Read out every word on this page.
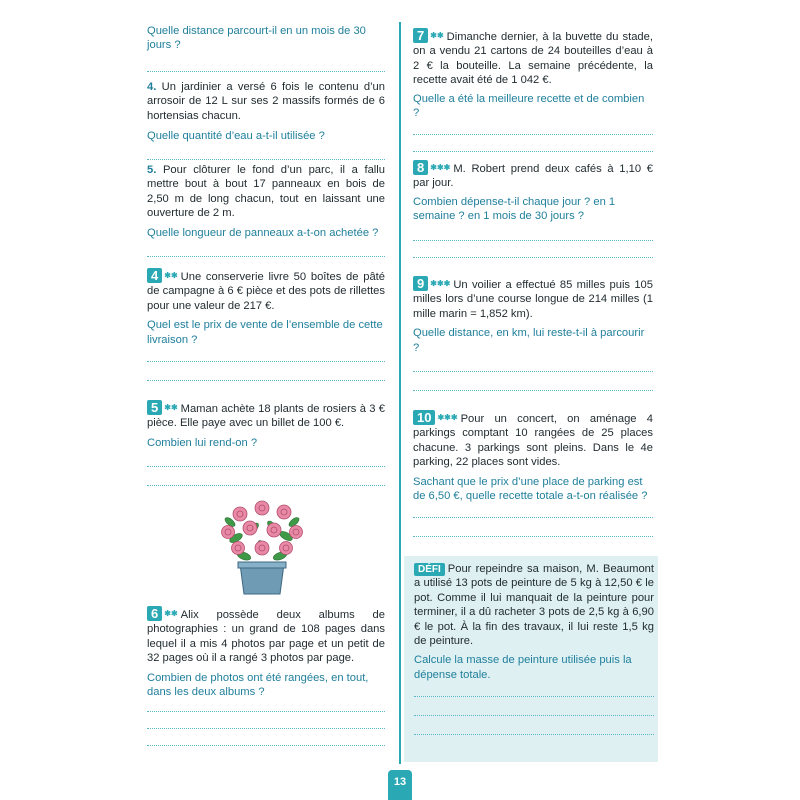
Quelle distance parcourt-il en un mois de 30 jours ?

4. Un jardinier a versé 6 fois le contenu d’un arrosoir de 12 L sur ses 2 massifs formés de 6 hortensias chacun.

Quelle quantité d’eau a-t-il utilisée ?

5. Pour clôturer le fond d’un parc, il a fallu mettre bout à bout 17 panneaux en bois de 2,50 m de long chacun, tout en laissant une ouverture de 2 m.

Quelle longueur de panneaux a-t-on achetée ?

4 ✱✱ Une conserverie livre 50 boîtes de pâté de campagne à 6 € pièce et des pots de rillettes pour une valeur de 217 €.

Quel est le prix de vente de l’ensemble de cette livraison ?

5 ✱✱ Maman achète 18 plants de rosiers à 3 € pièce. Elle paye avec un billet de 100 €.

Combien lui rend-on ?

6 ✱✱ Alix possède deux albums de photographies : un grand de 108 pages dans lequel il a mis 4 photos par page et un petit de 32 pages où il a rangé 3 photos par page.

Combien de photos ont été rangées, en tout, dans les deux albums ?

7 ✱✱ Dimanche dernier, à la buvette du stade, on a vendu 21 cartons de 24 bouteilles d’eau à 2 € la bouteille. La semaine précédente, la recette avait été de 1 042 €.

Quelle a été la meilleure recette et de combien ?

8 ✱✱✱ M. Robert prend deux cafés à 1,10 € par jour.

Combien dépense-t-il chaque jour ? en 1 semaine ? en 1 mois de 30 jours ?

9 ✱✱✱ Un voilier a effectué 85 milles puis 105 milles lors d’une course longue de 214 milles (1 mille marin = 1,852 km).

Quelle distance, en km, lui reste-t-il à parcourir ?

10 ✱✱✱ Pour un concert, on aménage 4 parkings comptant 10 rangées de 25 places chacune. 3 parkings sont pleins. Dans le 4e parking, 22 places sont vides.

Sachant que le prix d’une place de parking est de 6,50 €, quelle recette totale a-t-on réalisée ?

DÉFI Pour repeindre sa maison, M. Beaumont a utilisé 13 pots de peinture de 5 kg à 12,50 € le pot. Comme il lui manquait de la peinture pour terminer, il a dû racheter 3 pots de 2,5 kg à 6,90 € le pot. À la fin des travaux, il lui reste 1,5 kg de peinture.

Calcule la masse de peinture utilisée puis la dépense totale.

13
